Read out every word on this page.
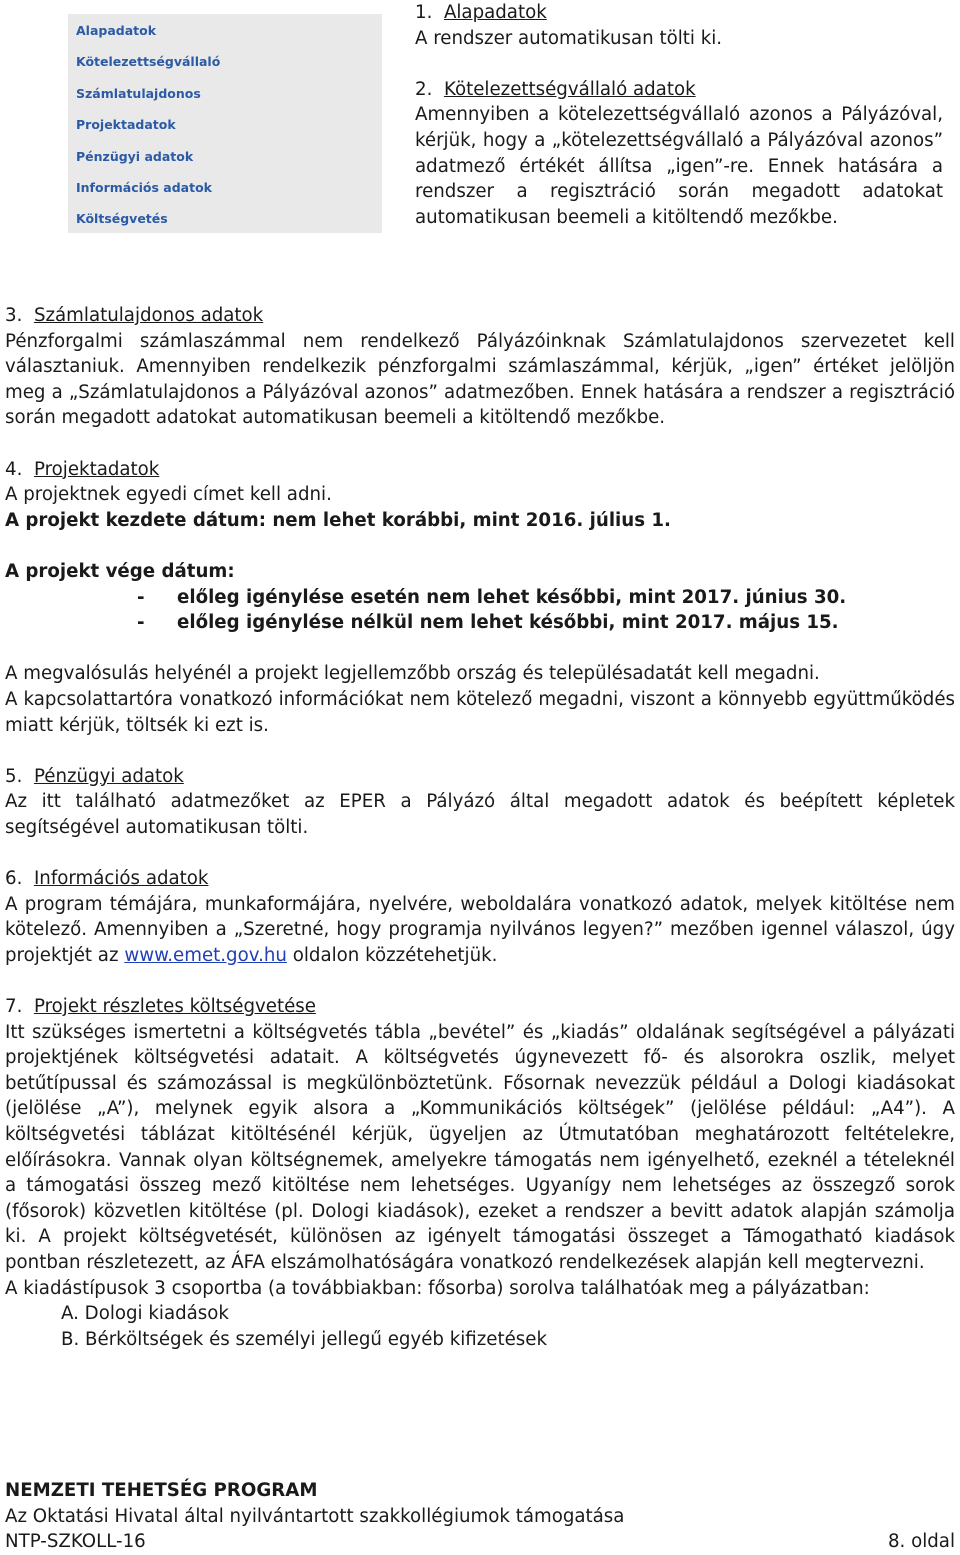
Alapadatok
Kötelezettségvállaló
Számlatulajdonos
Projektadatok
Pénzügyi adatok
Információs adatok
Költségvetés

1. Alapadatok

A rendszer automatikusan tölti ki.

2. Kötelezettségvállaló adatok

Amennyiben a kötelezettségvállaló azonos a Pályázóval, kérjük, hogy a „kötelezettségvállaló a Pályázóval azonos” adatmező értékét állítsa „igen”-re. Ennek hatására a rendszer a regisztráció során megadott adatokat automatikusan beemeli a kitöltendő mezőkbe.

3. Számlatulajdonos adatok

Pénzforgalmi számlaszámmal nem rendelkező Pályázóinknak Számlatulajdonos szervezetet kell választaniuk. Amennyiben rendelkezik pénzforgalmi számlaszámmal, kérjük, „igen” értéket jelöljön meg a „Számlatulajdonos a Pályázóval azonos” adatmezőben. Ennek hatására a rendszer a regisztráció során megadott adatokat automatikusan beemeli a kitöltendő mezőkbe.

4. Projektadatok

A projektnek egyedi címet kell adni.

A projekt kezdete dátum: nem lehet korábbi, mint 2016. július 1.

A projekt vége dátum:

- előleg igénylése esetén nem lehet későbbi, mint 2017. június 30.

- előleg igénylése nélkül nem lehet későbbi, mint 2017. május 15.

A megvalósulás helyénél a projekt legjellemzőbb ország és településadatát kell megadni.

A kapcsolattartóra vonatkozó információkat nem kötelező megadni, viszont a könnyebb együttműködés miatt kérjük, töltsék ki ezt is.

5. Pénzügyi adatok

Az itt található adatmezőket az EPER a Pályázó által megadott adatok és beépített képletek segítségével automatikusan tölti.

6. Információs adatok

A program témájára, munkaformájára, nyelvére, weboldalára vonatkozó adatok, melyek kitöltése nem kötelező. Amennyiben a „Szeretné, hogy programja nyilvános legyen?” mezőben igennel válaszol, úgy projektjét az www.emet.gov.hu oldalon közzétehetjük.

7. Projekt részletes költségvetése

Itt szükséges ismertetni a költségvetés tábla „bevétel” és „kiadás” oldalának segítségével a pályázati projektjének költségvetési adatait. A költségvetés úgynevezett fő- és alsorokra oszlik, melyet betűtípussal és számozással is megkülönböztetünk. Fősornak nevezzük például a Dologi kiadásokat (jelölése „A”), melynek egyik alsora a „Kommunikációs költségek” (jelölése például: „A4”). A költségvetési táblázat kitöltésénél kérjük, ügyeljen az Útmutatóban meghatározott feltételekre, előírásokra. Vannak olyan költségnemek, amelyekre támogatás nem igényelhető, ezeknél a tételeknél a támogatási összeg mező kitöltése nem lehetséges. Ugyanígy nem lehetséges az összegző sorok (fősorok) közvetlen kitöltése (pl. Dologi kiadások), ezeket a rendszer a bevitt adatok alapján számolja ki. A projekt költségvetését, különösen az igényelt támogatási összeget a Támogatható kiadások pontban részletezett, az ÁFA elszámolhatóságára vonatkozó rendelkezések alapján kell megtervezni.

A kiadástípusok 3 csoportba (a továbbiakban: fősorba) sorolva találhatóak meg a pályázatban:

A. Dologi kiadások

B. Bérköltségek és személyi jellegű egyéb kifizetések

NEMZETI TEHETSÉG PROGRAM

Az Oktatási Hivatal által nyilvántartott szakkollégiumok támogatása

NTP-SZKOLL-16	8. oldal
